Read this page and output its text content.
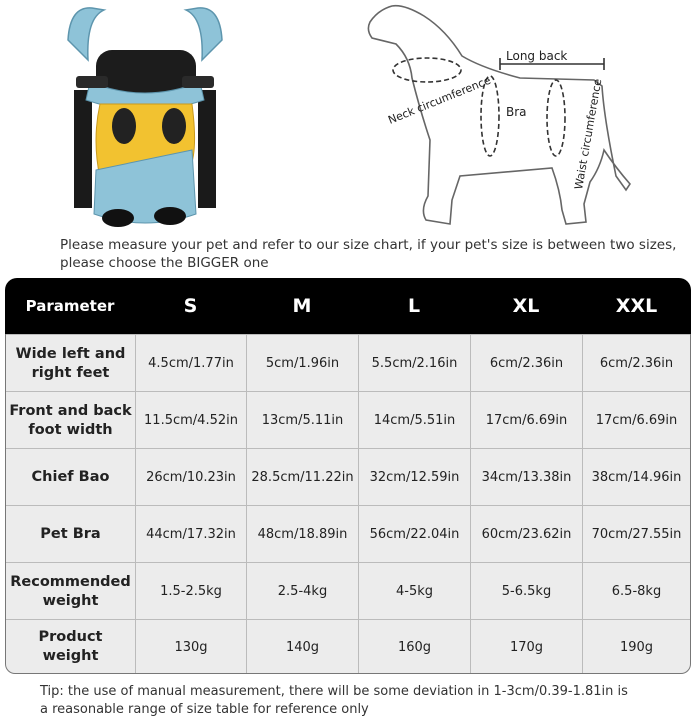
Long back
Bra
Neck circumference	Waist circumference
Please measure your pet and refer to our size chart, if your pet's size is between two sizes,
please choose the BIGGER one
Parameter	S	M	L	XL	XXL
Wide left and
right feet
4.5cm/1.77in	5cm/1.96in	5.5cm/2.16in	6cm/2.36in	6cm/2.36in
Front and back
foot width
11.5cm/4.52in	13cm/5.11in	14cm/5.51in	17cm/6.69in	17cm/6.69in
Chief Bao	26cm/10.23in	28.5cm/11.22in	32cm/12.59in	34cm/13.38in	38cm/14.96in
Pet Bra	44cm/17.32in	48cm/18.89in	56cm/22.04in	60cm/23.62in	70cm/27.55in
Recommended
weight
1.5-2.5kg	2.5-4kg	4-5kg	5-6.5kg	6.5-8kg
Product
weight
130g	140g	160g	170g	190g
Tip: the use of manual measurement, there will be some deviation in 1-3cm/0.39-1.81in is
a reasonable range of size table for reference only
